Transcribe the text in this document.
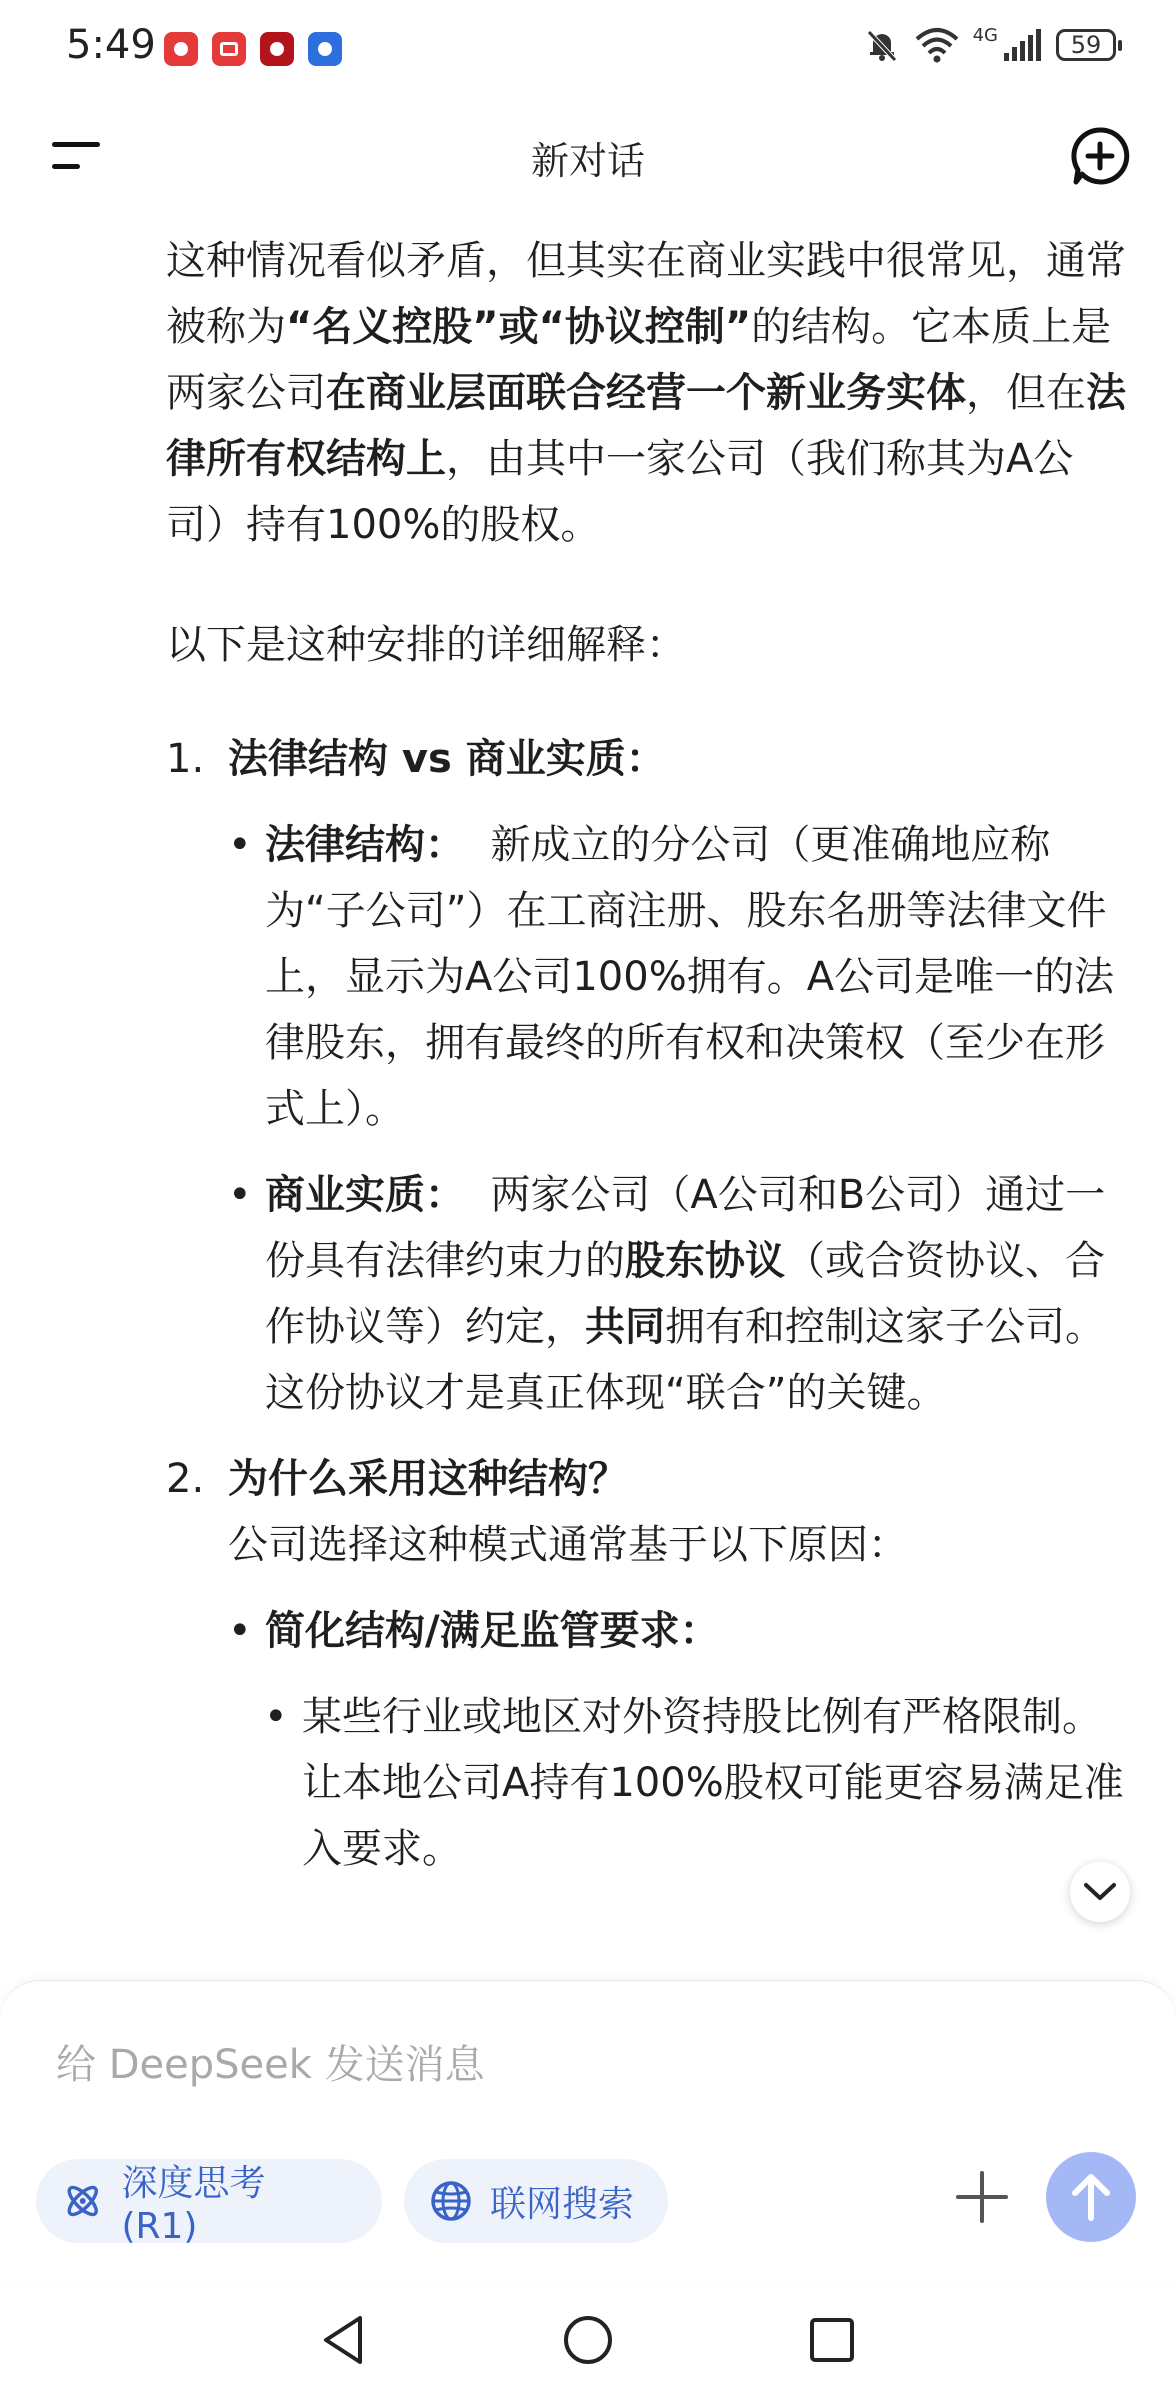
5:49	4G	59
新对话

这种情况看似矛盾，但其实在商业实践中很常见，通常被称为“名义控股”或“协议控制”的结构。它本质上是两家公司在商业层面联合经营一个新业务实体，但在法律所有权结构上，由其中一家公司（我们称其为A公司）持有100%的股权。

以下是这种安排的详细解释：

1. 法律结构 vs 商业实质：
• 法律结构： 新成立的分公司（更准确地应称为“子公司”）在工商注册、股东名册等法律文件上，显示为A公司100%拥有。A公司是唯一的法律股东，拥有最终的所有权和决策权（至少在形式上）。
• 商业实质： 两家公司（A公司和B公司）通过一份具有法律约束力的股东协议（或合资协议、合作协议等）约定，共同拥有和控制这家子公司。这份协议才是真正体现“联合”的关键。
2. 为什么采用这种结构？
公司选择这种模式通常基于以下原因：
• 简化结构/满足监管要求：
• 某些行业或地区对外资持股比例有严格限制。让本地公司A持有100%股权可能更容易满足准入要求。
给 DeepSeek 发送消息
深度思考 (R1)
联网搜索
